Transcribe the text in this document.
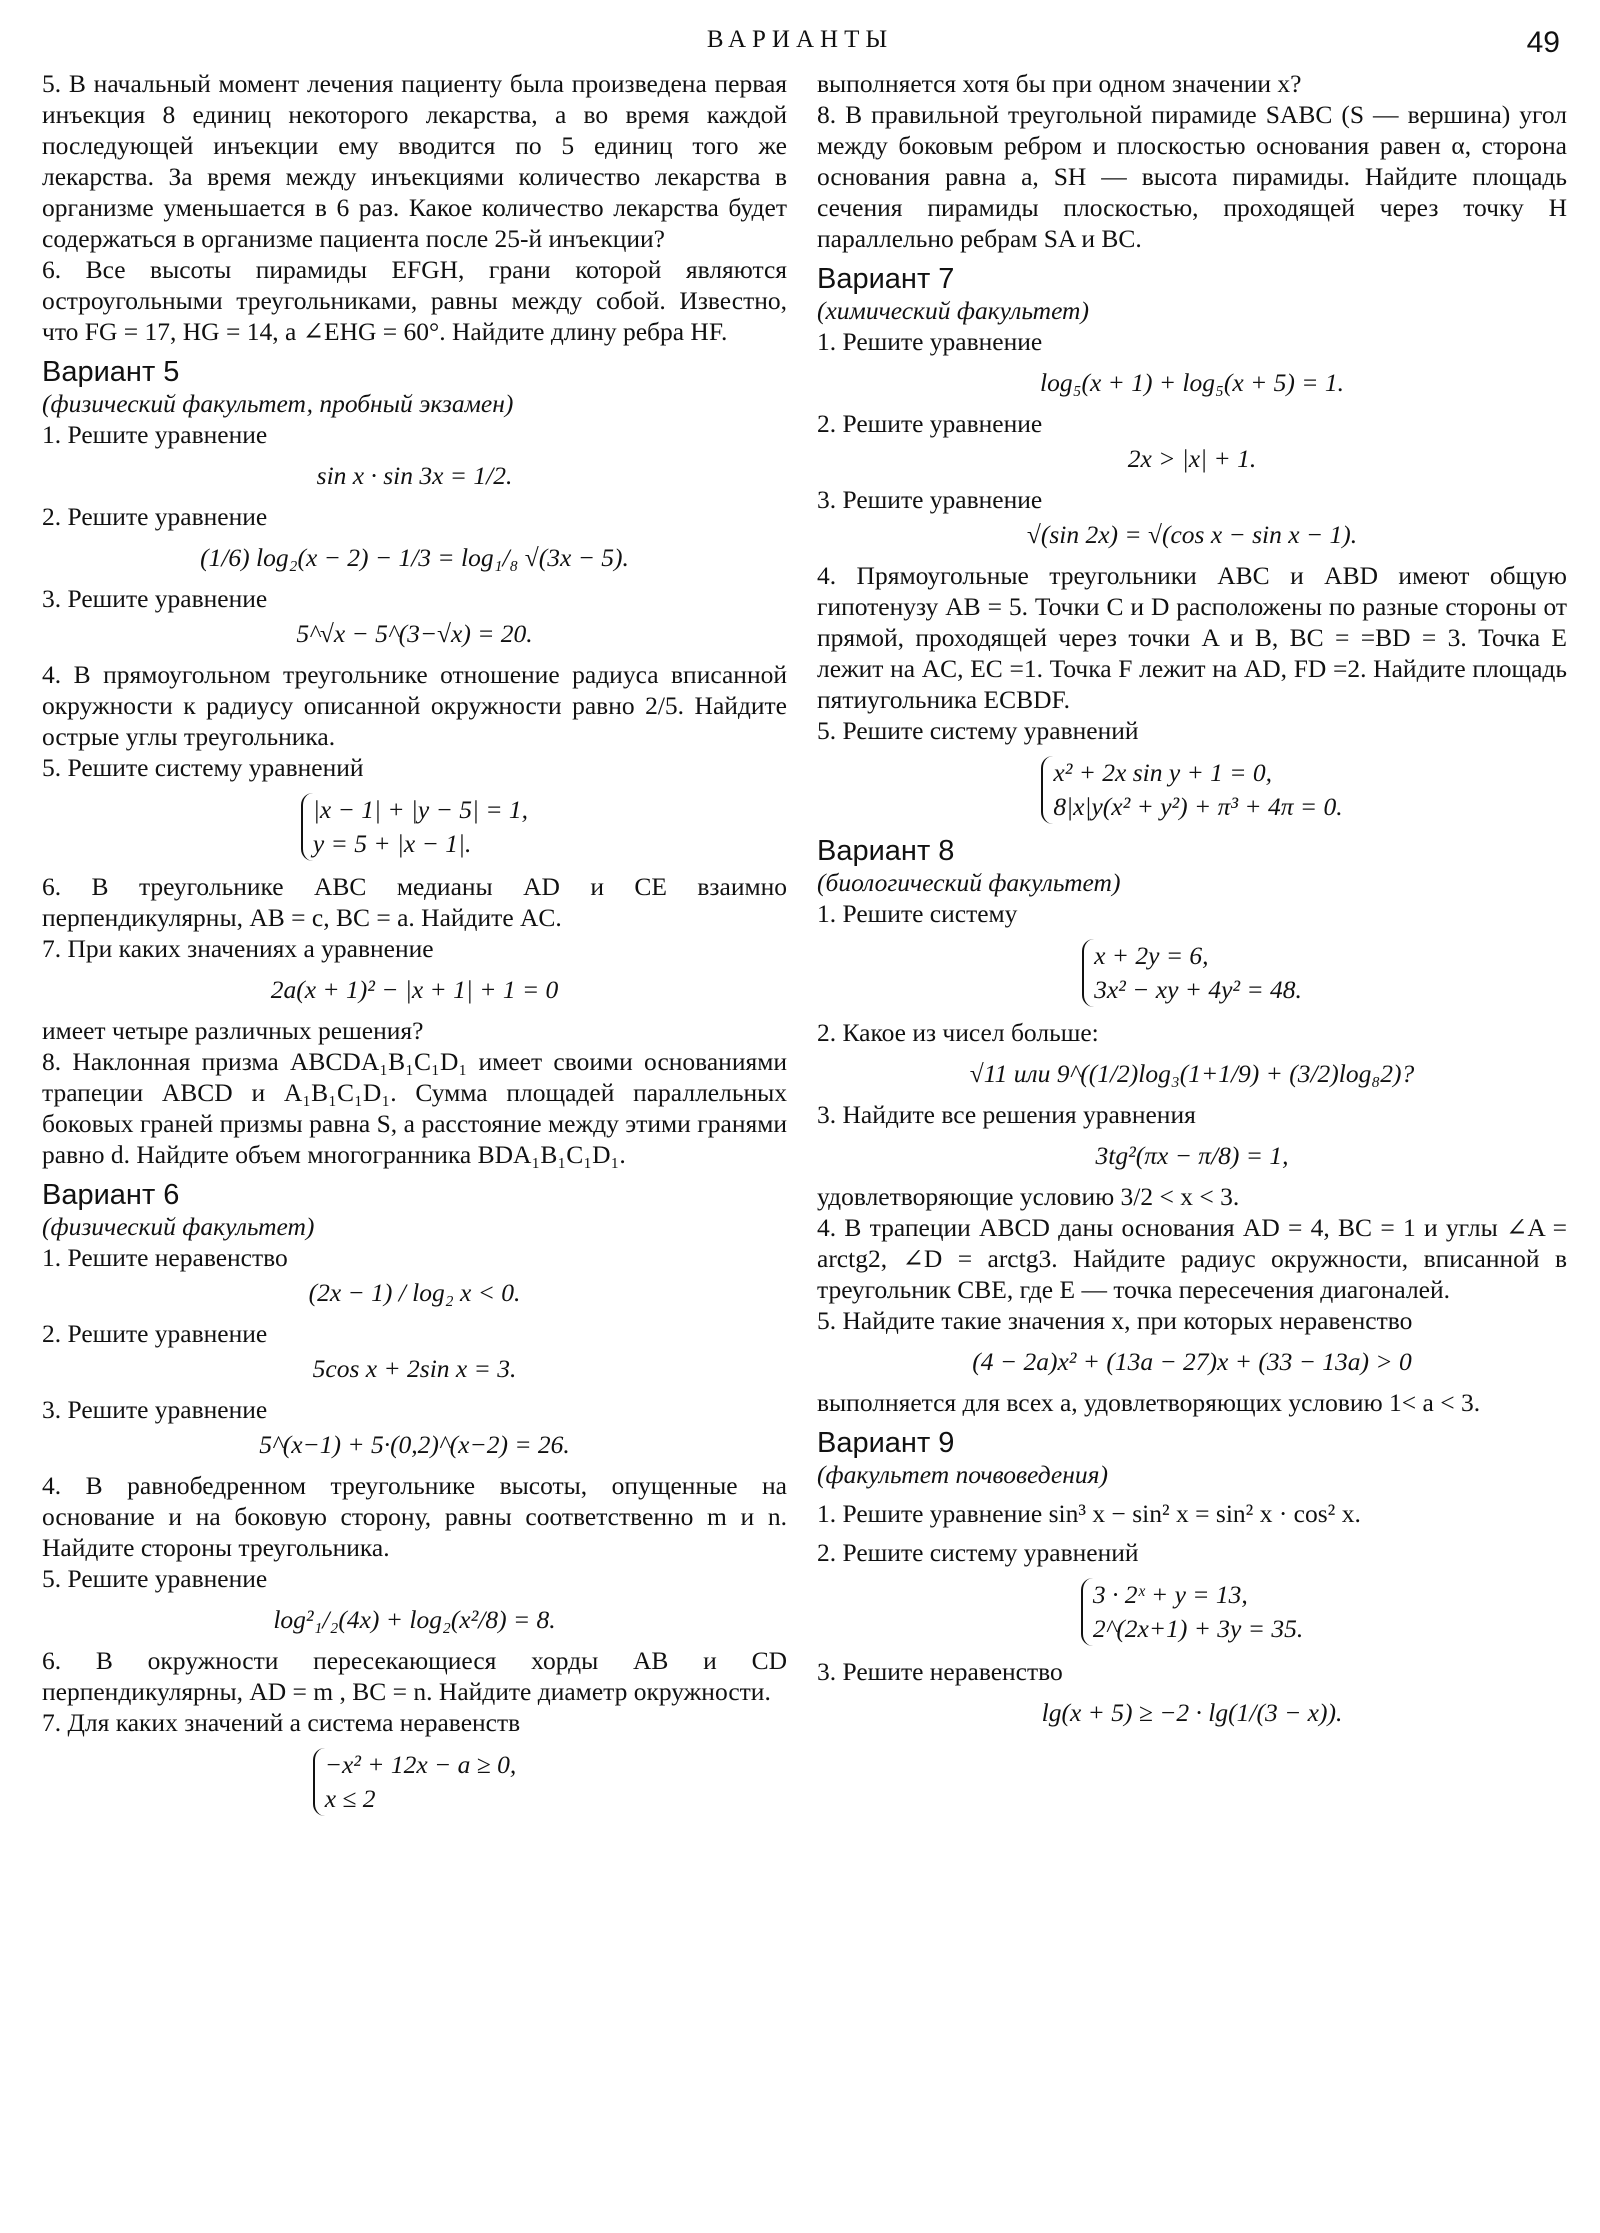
ВАРИАНТЫ	49

5. В начальный момент лечения пациенту была произведена первая инъекция 8 единиц некоторого лекарства, а во время каждой последующей инъекции ему вводится по 5 единиц того же лекарства. За время между инъекциями количество лекарства в организме уменьшается в 6 раз. Какое количество лекарства будет содержаться в организме пациента после 25-й инъекции?

6. Все высоты пирамиды EFGH, грани которой являются остроугольными треугольниками, равны между собой. Известно, что FG = 17, HG = 14, а ∠EHG = 60°. Найдите длину ребра HF.

Вариант 5
(физический факультет, пробный экзамен)

1. Решите уравнение

sin x · sin 3x = 1/2.

2. Решите уравнение

(1/6) log₂(x − 2) − 1/3 = log₁/₈ √(3x − 5).

3. Решите уравнение

5^√x − 5^(3−√x) = 20.

4. В прямоугольном треугольнике отношение радиуса вписанной окружности к радиусу описанной окружности равно 2/5. Найдите острые углы треугольника.

5. Решите систему уравнений

|x − 1| + |y − 5| = 1,
y = 5 + |x − 1|.

6. В треугольнике ABC медианы AD и CE взаимно перпендикулярны, AB = c, BC = a. Найдите AC.

7. При каких значениях a уравнение

2a(x + 1)² − |x + 1| + 1 = 0

имеет четыре различных решения?

8. Наклонная призма ABCDA₁B₁C₁D₁ имеет своими основаниями трапеции ABCD и A₁B₁C₁D₁. Сумма площадей параллельных боковых граней призмы равна S, а расстояние между этими гранями равно d. Найдите объем многогранника BDA₁B₁C₁D₁.

Вариант 6
(физический факультет)

1. Решите неравенство

(2x − 1) / log₂ x < 0.

2. Решите уравнение

5cos x + 2sin x = 3.

3. Решите уравнение

5^(x−1) + 5·(0,2)^(x−2) = 26.

4. В равнобедренном треугольнике высоты, опущенные на основание и на боковую сторону, равны соответственно m и n. Найдите стороны треугольника.

5. Решите уравнение

log²₁/₂(4x) + log₂(x²/8) = 8.

6. В окружности пересекающиеся хорды AB и CD перпендикулярны, AD = m , BC = n. Найдите диаметр окружности.

7. Для каких значений a система неравенств

−x² + 12x − a ≥ 0,
x ≤ 2

выполняется хотя бы при одном значении x?

8. В правильной треугольной пирамиде SABC (S — вершина) угол между боковым ребром и плоскостью основания равен α, сторона основания равна a, SH — высота пирамиды. Найдите площадь сечения пирамиды плоскостью, проходящей через точку H параллельно ребрам SA и BC.

Вариант 7
(химический факультет)

1. Решите уравнение

log₅(x + 1) + log₅(x + 5) = 1.

2. Решите уравнение

2x > |x| + 1.

3. Решите уравнение

√(sin 2x) = √(cos x − sin x − 1).

4. Прямоугольные треугольники ABC и ABD имеют общую гипотенузу AB = 5. Точки C и D расположены по разные стороны от прямой, проходящей через точки A и B, BC = =BD = 3. Точка E лежит на AC, EC =1. Точка F лежит на AD, FD =2. Найдите площадь пятиугольника ECBDF.

5. Решите систему уравнений

x² + 2x sin y + 1 = 0,
8|x|y(x² + y²) + π³ + 4π = 0.
Вариант 8
(биологический факультет)

1. Решите систему

x + 2y = 6,
3x² − xy + 4y² = 48.

2. Какое из чисел больше:

√11 или 9^((1/2)log₃(1+1/9) + (3/2)log₈2)?

3. Найдите все решения уравнения

3tg²(πx − π/8) = 1,

удовлетворяющие условию 3/2 < x < 3.

4. В трапеции ABCD даны основания AD = 4, BC = 1 и углы ∠A = arctg2, ∠D = arctg3. Найдите радиус окружности, вписанной в треугольник CBE, где E — точка пересечения диагоналей.

5. Найдите такие значения x, при которых неравенство

(4 − 2a)x² + (13a − 27)x + (33 − 13a) > 0

выполняется для всех a, удовлетворяющих условию 1< a < 3.

Вариант 9
(факультет почвоведения)

1. Решите уравнение sin³ x − sin² x = sin² x · cos² x.

2. Решите систему уравнений

3 · 2ˣ + y = 13,
2^(2x+1) + 3y = 35.

3. Решите неравенство

lg(x + 5) ≥ −2 · lg(1/(3 − x)).
